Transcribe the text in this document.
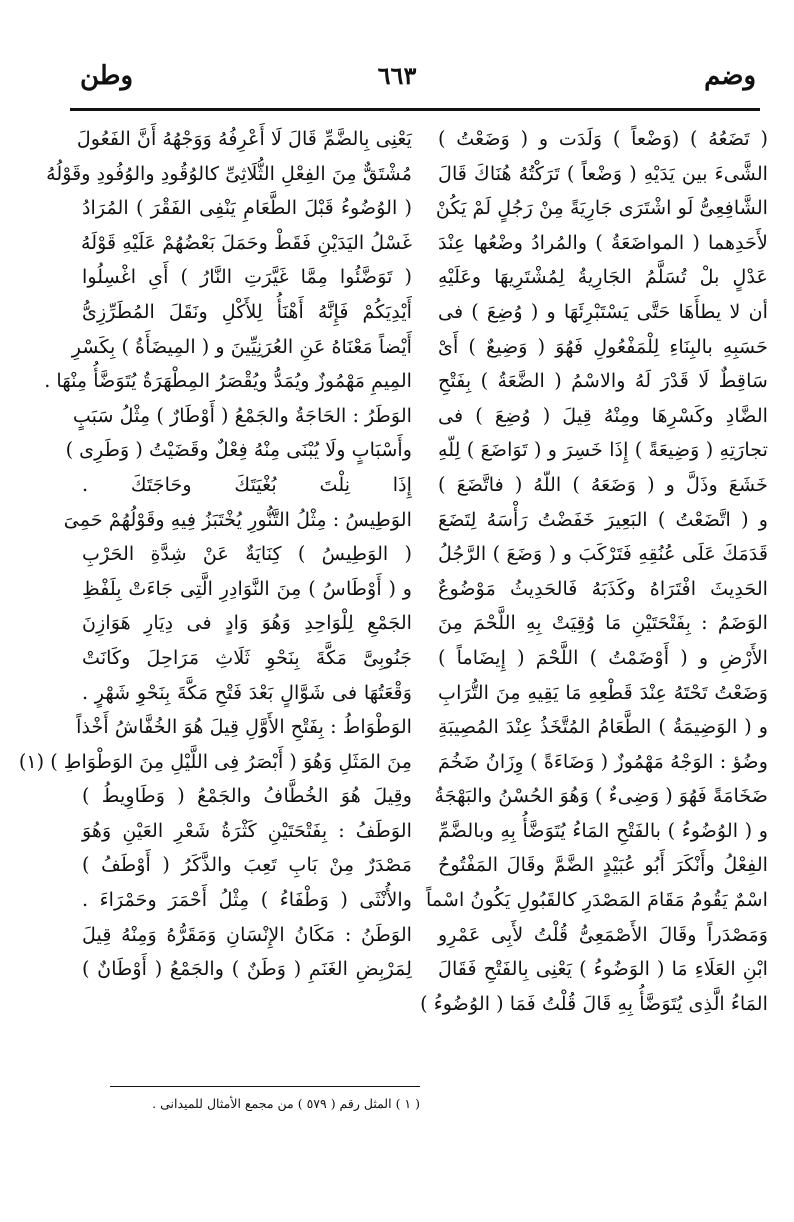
وضم
٦٦٣
وطن
( تَضَعُهُ ) (وَضْعاً ) وَلَدَت و ( وَضَعْتُ )
الشَّىءَ بين يَدَيْهِ ( وَضْعاً ) تَرَكْتُهُ هُنَاكَ قَالَ
الشَّافِعِىُّ لَو اشْتَرَى جَارِيَةً مِنْ رَجُلٍ لَمْ يَكُنْ
لأَحَدِهما ( المواضَعَةُ ) والمُرادُ وضْعُها عِنْدَ
عَدْلٍ بلْ تُسَلَّمُ الجَارِيةُ لِمُشْتَرِيهَا وعَلَيْهِ
أن لا يطأَهَا حَتَّى يَسْتَبْرِئَهَا و ( وُضِعَ ) فى
حَسَبِهِ بالبِنَاءِ لِلْمَفْعُولِ فَهُوَ ( وَضِيعٌ ) أَىْ
سَاقِطٌ لَا قَدْرَ لَهُ والاسْمُ ( الضَّعَةُ ) بِفَتْحِ
الضَّادِ وكَسْرِهَا ومِنْهُ قِيلَ ( وُضِعَ ) فى
تجارَتِهِ ( وَضِيعَةً ) إِذَا خَسِرَ و ( تَوَاضَعَ ) لِلّهِ
خَشَعَ وذَلَّ و ( وَضَعَهُ ) اللّهُ ( فاتَّضَعَ )
و ( اتَّضَعْتُ ) البَعِيرَ خَفَضْتُ رَأْسَهُ لِتَضَعَ
قَدَمَكَ عَلَى عُنُقِهِ فَتَرْكَبَ و ( وَضَعَ ) الرَّجُلُ
الحَدِيثَ افْتَرَاهُ وكَذَبَهُ فَالحَدِيثُ مَوْضُوعٌ
الوَضَمُ : بِفَتْحَتَيْنِ مَا وُقِيَتْ بِهِ اللَّحْمَ مِنَ
الأَرْضِ و ( أَوْضَمْتُ ) اللَّحْمَ ( إِيضَاماً )
وَضَعْتُ تَحْتَهُ عِنْدَ قَطْعِهِ مَا يَقِيهِ مِنَ التُّرَابِ
و ( الوَضِيمَةُ ) الطَّعَامُ المُتَّخَذُ عِنْدَ المُصِيبَةِ
وضُؤ : الوَجْهُ مَهْمُوزٌ ( وَضَاءَةً ) وِزَانُ ضَخُمَ
ضَخَامَةً فَهُوَ ( وَضِىءٌ ) وَهُوَ الحُسْنُ والبَهْجَةُ
و ( الوُضُوءُ ) بالفَتْحِ المَاءُ يُتَوَضَّأُ بِهِ وبالضَّمِّ
الفِعْلُ وأَنْكَرَ أَبُو عُبَيْدٍ الضَّمَّ وقَالَ المَفْتُوحُ
اسْمٌ يَقُومُ مَقَامَ المَصْدَرِ كالقَبُولِ يَكُونُ اسْماً
وَمَصْدَراً وقَالَ الأَصْمَعِىُّ قُلْتُ لأَبِى عَمْرِو
ابْنِ العَلَاءِ مَا ( الوَضُوءُ ) يَعْنِى بِالفَتْحِ فَقَالَ
المَاءُ الَّذِى يُتَوَضَّأُ بِهِ قَالَ قُلْتُ فَمَا ( الوُضُوءُ )
يَعْنِى بِالضَّمِّ قَالَ لَا أَعْرِفُهُ وَوَجْهُهُ أَنَّ الفَعُولَ
مُشْتَقٌّ مِنَ الفِعْلِ الثُّلَاثِىِّ كالوُقُودِ والوُفُودِ وقَوْلُهُ
( الوُضُوءُ قَبْلَ الطَّعَامِ يَنْفِى الفَقْرَ ) المُرَادُ
غَسْلُ اليَدَيْنِ فَقَطْ وحَمَلَ بَعْضُهُمْ عَلَيْهِ قَوْلَهُ
( تَوَضَّئُوا مِمَّا غَيَّرَتِ النَّارُ ) أَىِ اغْسِلُوا
أَيْدِيَكُمْ فَإِنَّهُ أَهْنَأُ لِلأَكْلِ ونَقَلَ المُطَرِّزِىُّ
أَيْضاً مَعْنَاهُ عَنِ العُرَنِيِّينَ و ( المِيضَأَةُ ) بِكَسْرِ
المِيمِ مَهْمُوزٌ ويُمَدُّ ويُقْصَرُ المِطْهَرَةُ يُتَوَضَّأُ مِنْهَا .
الوَطَرُ : الحَاجَةُ والجَمْعُ ( أَوْطَارٌ ) مِثْلُ سَبَبٍ
وأَسْبَابٍ ولَا يُبْنَى مِنْهُ فِعْلٌ وقَضَيْتُ ( وَطَرِى )
إِذَا نِلْتَ بُغْيَتَكَ وحَاجَتَكَ .
الوَطِيسُ : مِثْلُ التَّنُّورِ يُخْتَبَزُ فِيهِ وقَوْلُهُمْ حَمِىَ
( الوَطِيسُ ) كِنَايَةٌ عَنْ شِدَّةِ الحَرْبِ
و ( أَوْطَاسُ ) مِنَ النَّوَادِرِ الَّتِى جَاءَتْ بِلَفْظِ
الجَمْعِ لِلْوَاحِدِ وَهُوَ وَادٍ فى دِيَارِ هَوَازِنَ
جَنُوبِىَّ مَكَّةَ بِنَحْوِ ثَلَاثِ مَرَاحِلَ وكَانَتْ
وَقْعَتُهَا فى شَوَّالٍ بَعْدَ فَتْحِ مَكَّةَ بِنَحْوِ شَهْرٍ .
الوَطْوَاطُ : بِفَتْحِ الأَوَّلِ قِيلَ هُوَ الخُفَّاشُ أَخْذاً
مِنَ المَثَلِ وَهُوَ ( أَبْصَرُ فِى اللَّيْلِ مِنَ الوَطْوَاطِ ) (١)
وقِيلَ هُوَ الخُطَّافُ والجَمْعُ ( وَطَاوِيطُ )
الوَطَفُ : بِفَتْحَتَيْنِ كَثْرَةُ شَعْرِ العَيْنِ وَهُوَ
مَصْدَرٌ مِنْ بَابِ تَعِبَ والذَّكَرُ ( أَوْطَفُ )
والأُنْثَى ( وَطْفَاءُ ) مِثْلُ أَحْمَرَ وحَمْرَاءَ .
الوَطَنُ : مَكَانُ الإِنْسَانِ وَمَقَرُّهُ وَمِنْهُ قِيلَ
لِمَرْبِضِ الغَنَمِ ( وَطَنٌ ) والجَمْعُ ( أَوْطَانٌ )
( ١ ) المثل رقم ( ٥٧٩ ) من مجمع الأمثال للميدانى .
